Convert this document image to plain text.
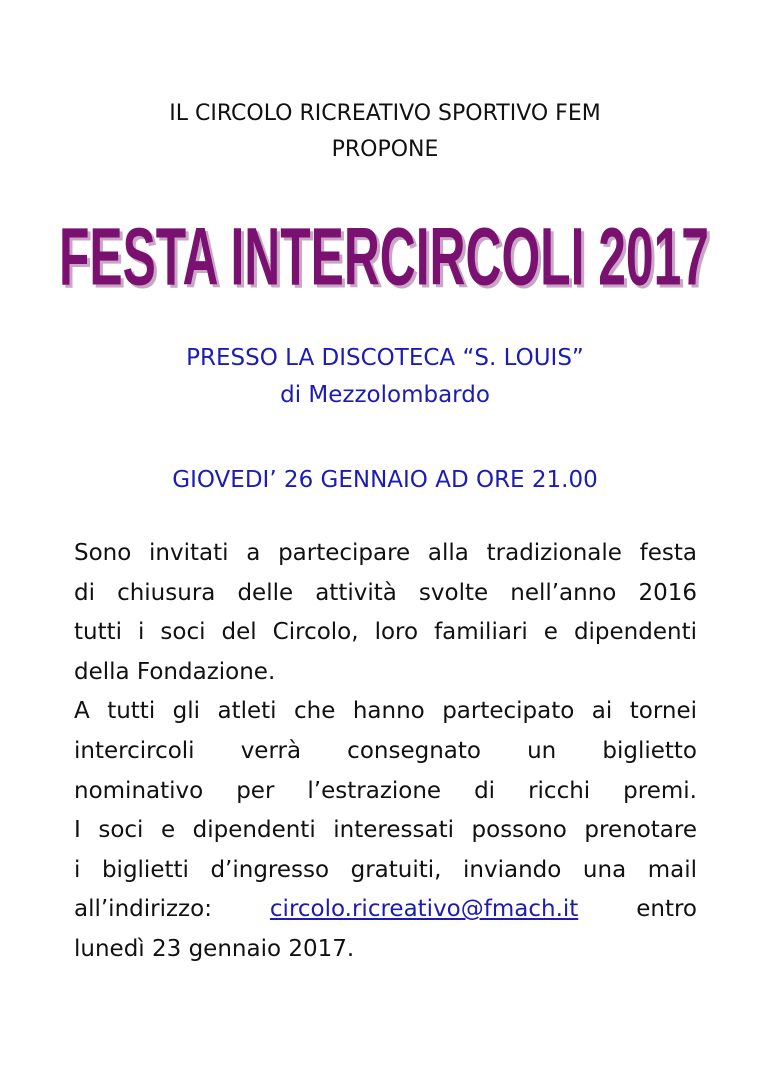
IL CIRCOLO RICREATIVO SPORTIVO FEM
PROPONE
FESTA INTERCIRCOLI 2017
FESTA INTERCIRCOLI 2017
PRESSO LA DISCOTECA “S. LOUIS”
di Mezzolombardo
GIOVEDI’ 26 GENNAIO AD ORE 21.00
Sono invitati a partecipare alla tradizionale festa
di chiusura delle attività svolte nell’anno 2016
tutti i soci del Circolo, loro familiari e dipendenti
della Fondazione.
A tutti gli atleti che hanno partecipato ai tornei
intercircoli verrà consegnato un biglietto
nominativo per l’estrazione di ricchi premi.
I soci e dipendenti interessati possono prenotare
i biglietti d’ingresso gratuiti, inviando una mail
all’indirizzo:	circolo.ricreativo@fmach.it	entro
lunedì 23 gennaio 2017.
